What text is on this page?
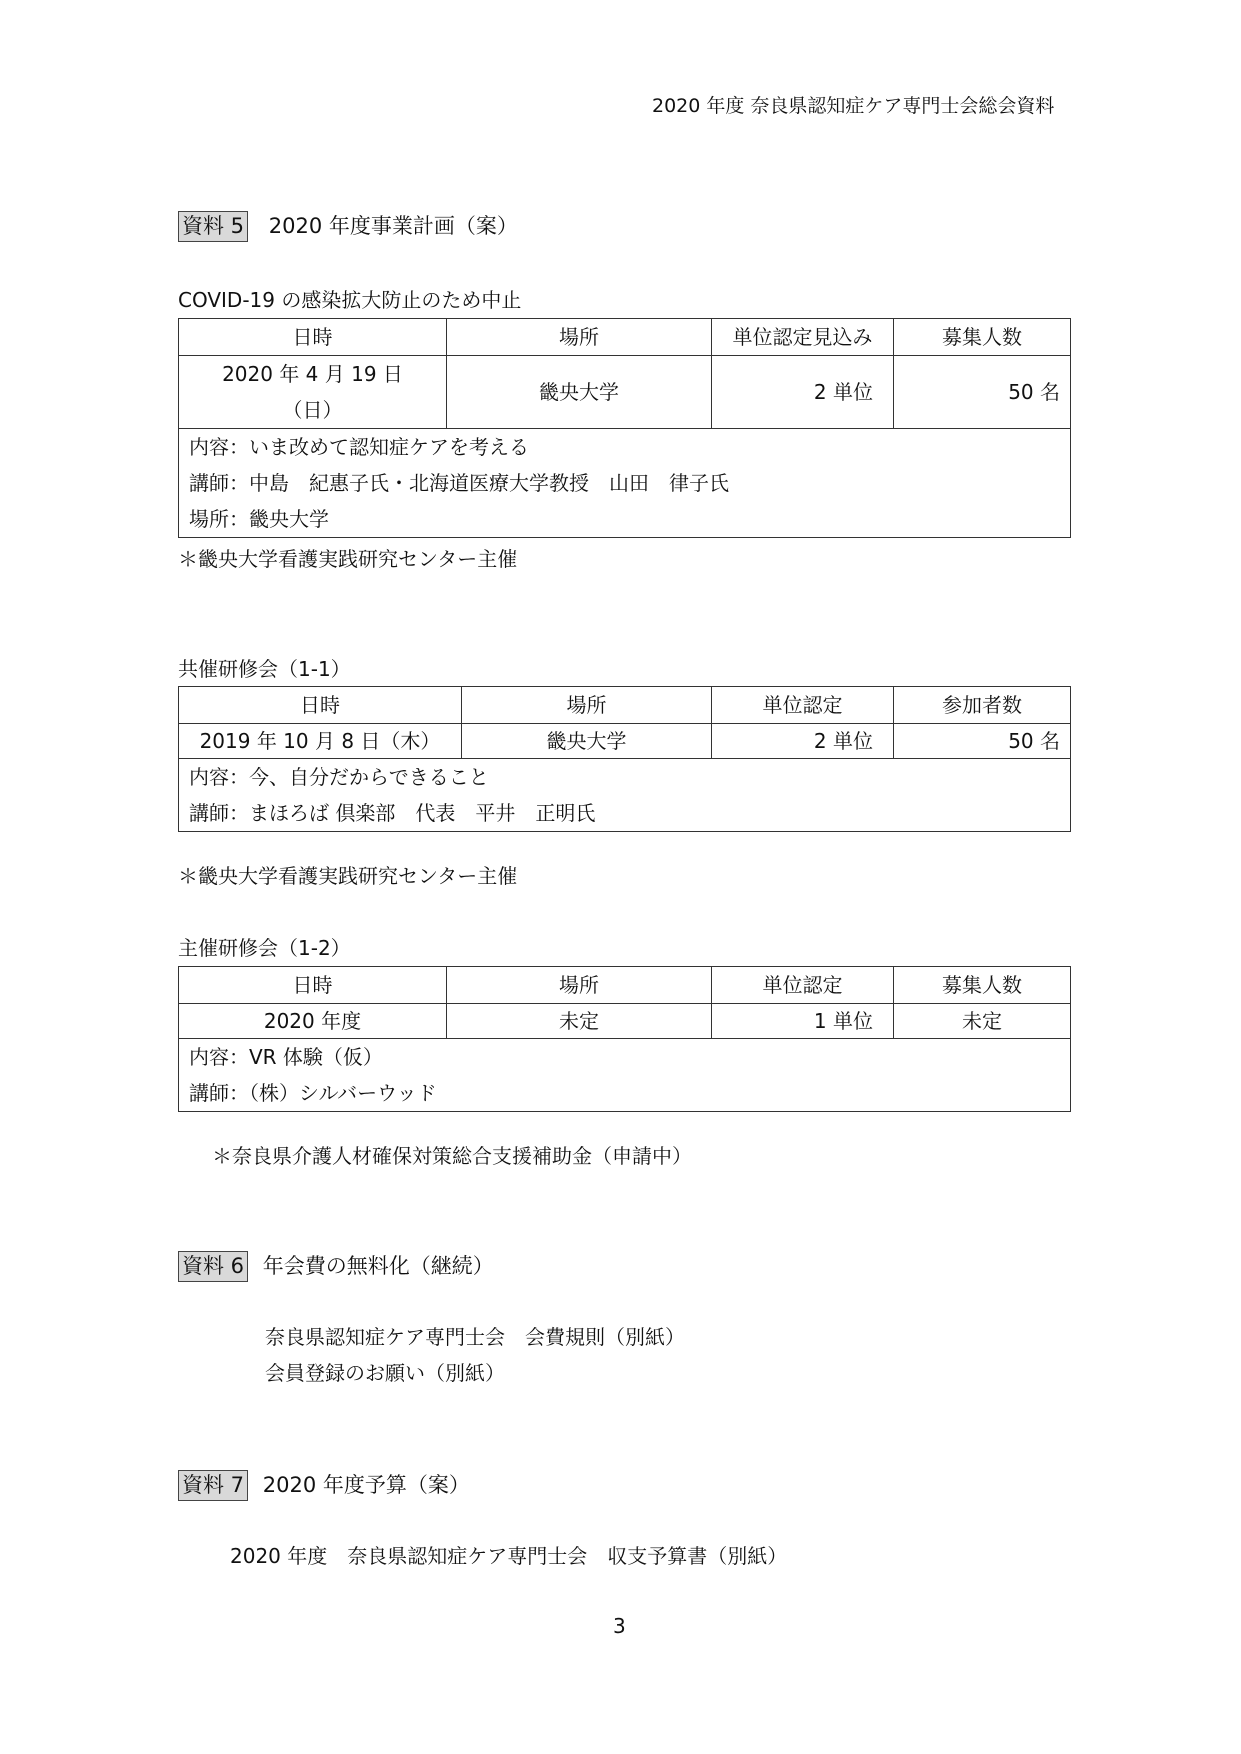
2020 年度 奈良県認知症ケア専門士会総会資料
資料 5 2020 年度事業計画（案）
COVID-19 の感染拡大防止のため中止
日時	場所	単位認定見込み	募集人数

2020 年 4 月 19 日
（日）	畿央大学	2 単位	50 名

内容：いま改めて認知症ケアを考える
講師：中島　紀惠子氏・北海道医療大学教授　山田　律子氏
場所：畿央大学			
＊畿央大学看護実践研究センター主催
共催研修会（1-1）
日時	場所	単位認定	参加者数
2019 年 10 月 8 日（木）	畿央大学	2 単位	50 名

内容：今、自分だからできること
講師：まほろば 倶楽部　代表　平井　正明氏			
＊畿央大学看護実践研究センター主催
主催研修会（1-2）
日時	場所	単位認定	募集人数
2020 年度	未定	1 単位	未定

内容：VR 体験（仮）
講師：（株）シルバーウッド			
＊奈良県介護人材確保対策総合支援補助金（申請中）
資料 6 年会費の無料化（継続）
奈良県認知症ケア専門士会　会費規則（別紙）
会員登録のお願い（別紙）
資料 7 2020 年度予算（案）
2020 年度　奈良県認知症ケア専門士会　収支予算書（別紙）
3
